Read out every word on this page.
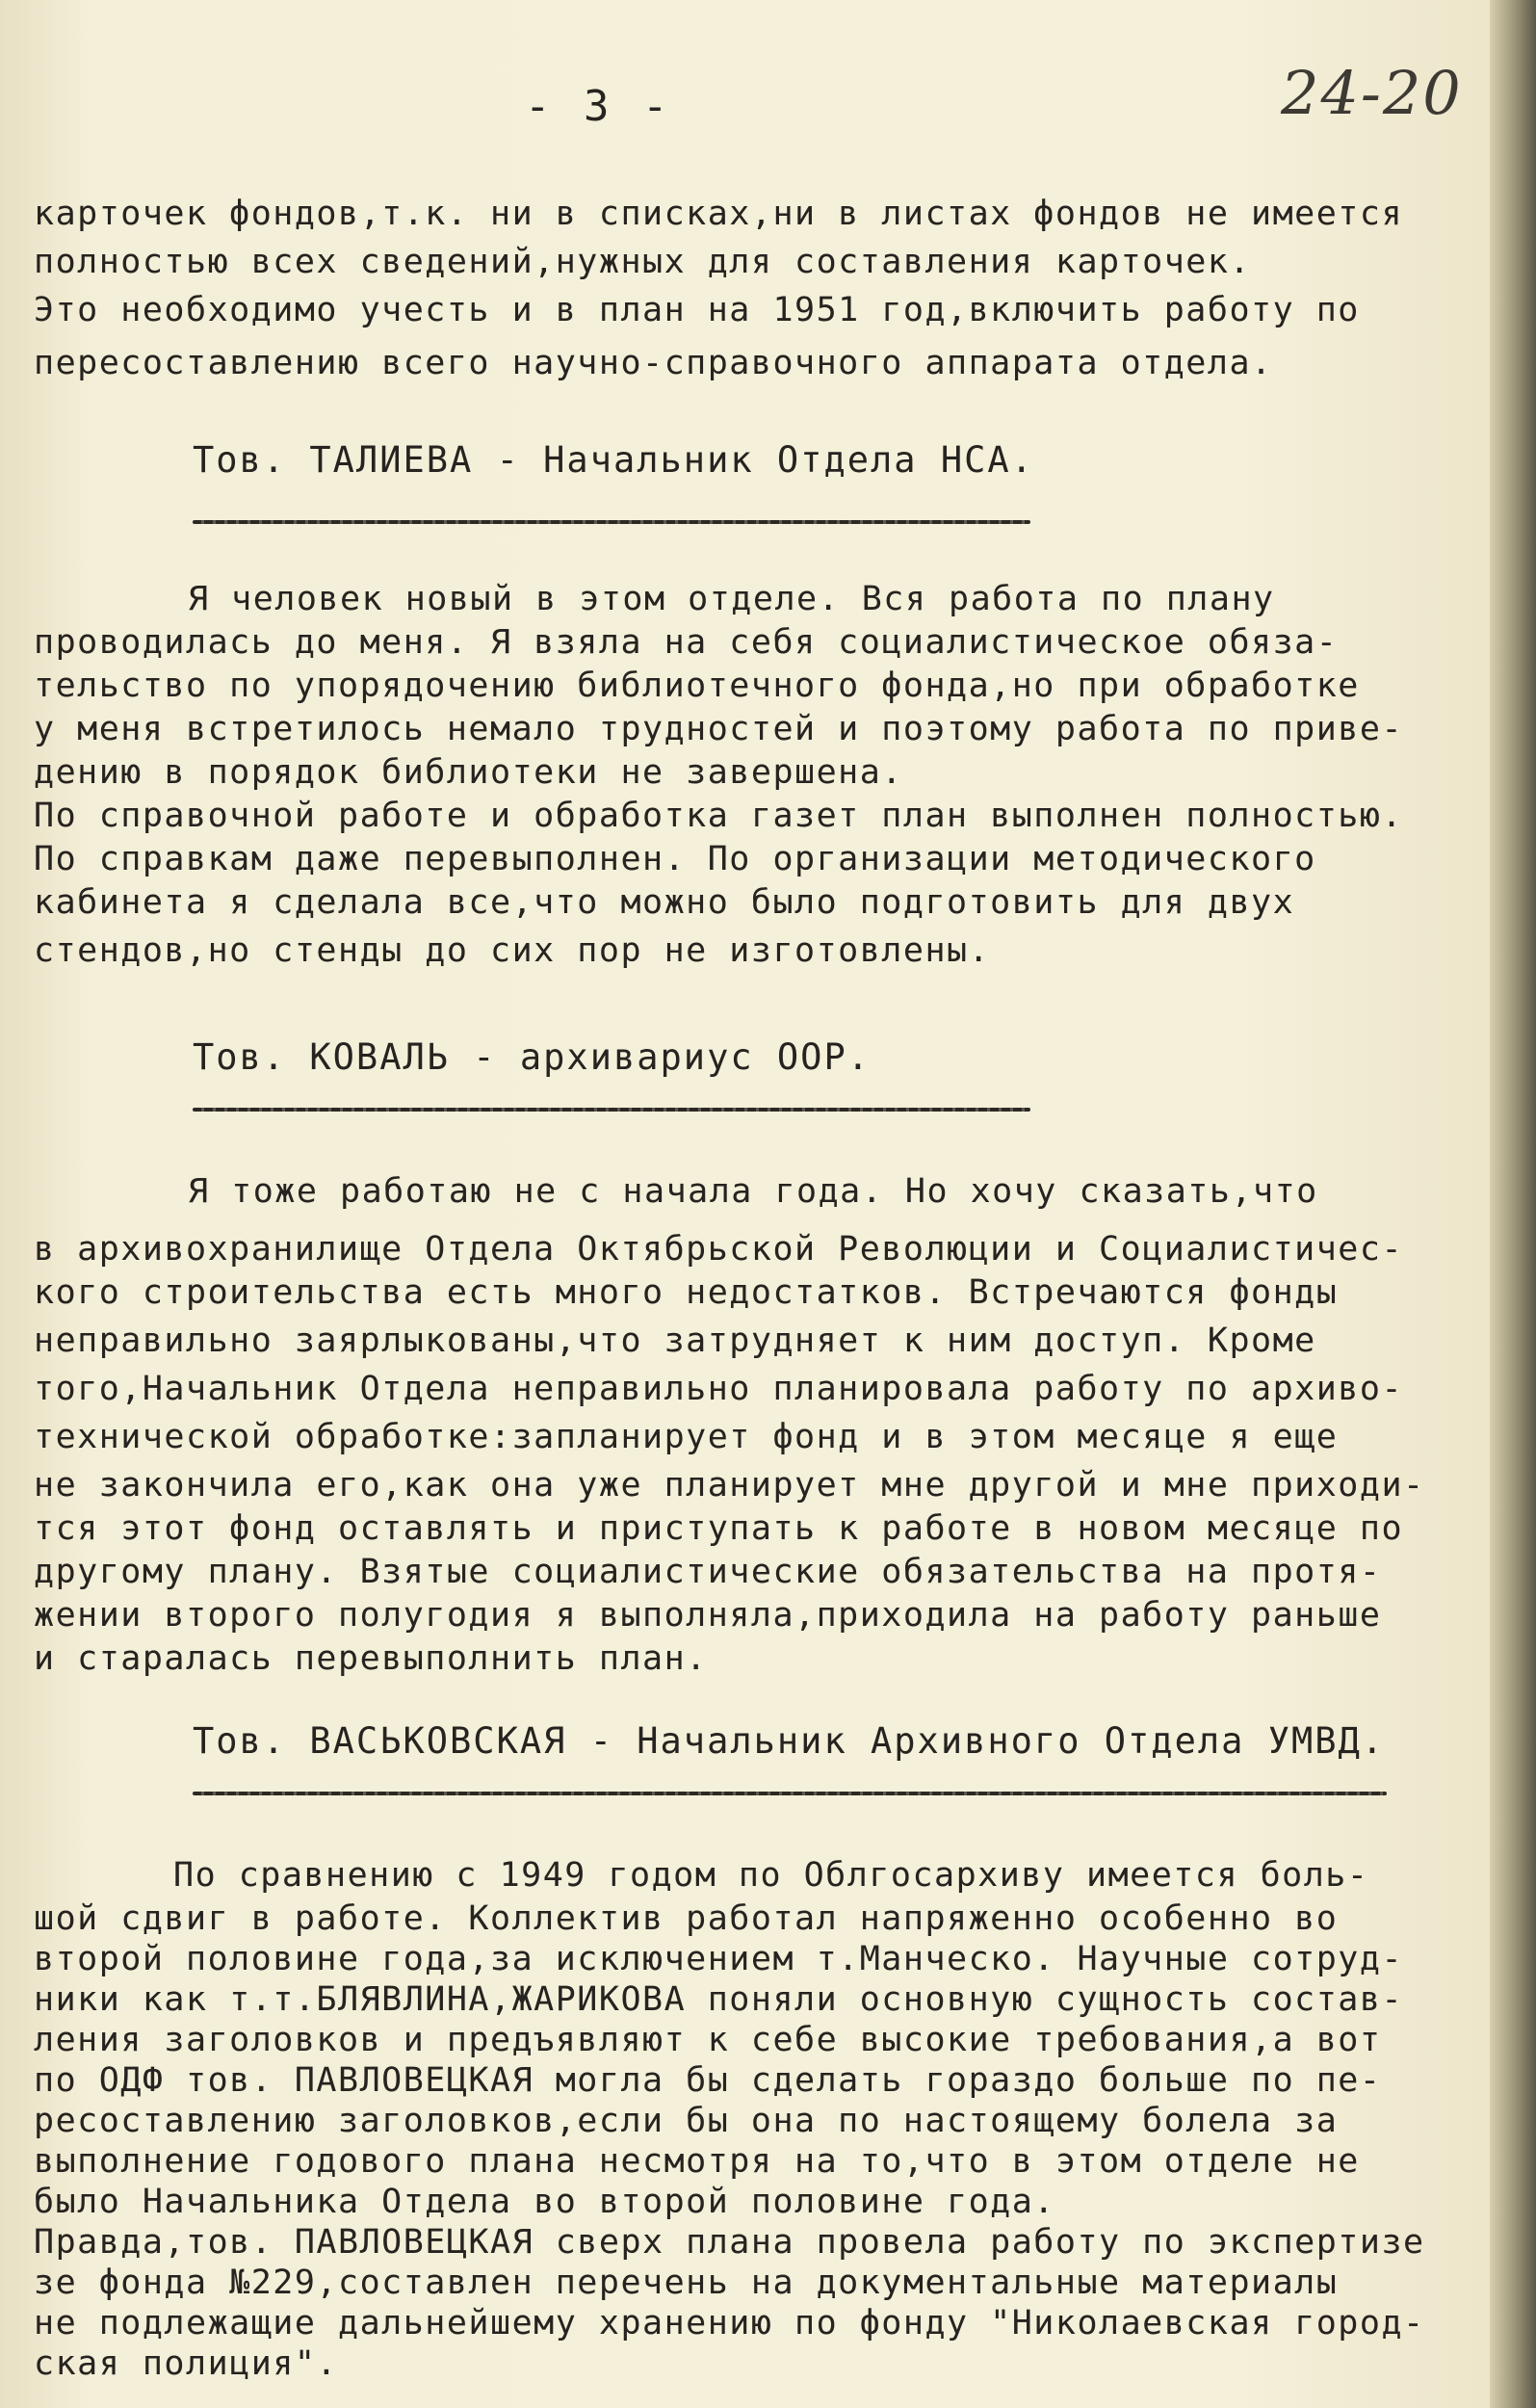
- 3 -	24-20
карточек фондов,т.к. ни в списках,ни в листах фондов не имеется
полностью всех сведений,нужных для составления карточек.
Это необходимо учесть и в план на 1951 год,включить работу по
пересоставлению всего научно-справочного аппарата отдела.
Тов. ТАЛИЕВА - Начальник Отдела НСА.
Я человек новый в этом отделе. Вся работа по плану
проводилась до меня. Я взяла на себя социалистическое обяза-
тельство по упорядочению библиотечного фонда,но при обработке
у меня встретилось немало трудностей и поэтому работа по приве-
дению в порядок библиотеки не завершена.
По справочной работе и обработка газет план выполнен полностью.
По справкам даже перевыполнен. По организации методического
кабинета я сделала все,что можно было подготовить для двух
стендов,но стенды до сих пор не изготовлены.
Тов. КОВАЛЬ - архивариус ООР.
Я тоже работаю не с начала года. Но хочу сказать,что
в архивохранилище Отдела Октябрьской Революции и Социалистичес-
кого строительства есть много недостатков. Встречаются фонды
неправильно заярлыкованы,что затрудняет к ним доступ. Кроме
того,Начальник Отдела неправильно планировала работу по архиво-
технической обработке:запланирует фонд и в этом месяце я еще
не закончила его,как она уже планирует мне другой и мне приходи-
тся этот фонд оставлять и приступать к работе в новом месяце по
другому плану. Взятые социалистические обязательства на протя-
жении второго полугодия я выполняла,приходила на работу раньше
и старалась перевыполнить план.
Тов. ВАСЬКОВСКАЯ - Начальник Архивного Отдела УМВД.
По сравнению с 1949 годом по Облгосархиву имеется боль-
шой сдвиг в работе. Коллектив работал напряженно особенно во
второй половине года,за исключением т.Манческо. Научные сотруд-
ники как т.т.БЛЯВЛИНА,ЖАРИКОВА поняли основную сущность состав-
ления заголовков и предъявляют к себе высокие требования,а вот
по ОДФ тов. ПАВЛОВЕЦКАЯ могла бы сделать гораздо больше по пе-
ресоставлению заголовков,если бы она по настоящему болела за
выполнение годового плана несмотря на то,что в этом отделе не
было Начальника Отдела во второй половине года.
Правда,тов. ПАВЛОВЕЦКАЯ сверх плана провела работу по экспертизе
зе фонда №229,составлен перечень на документальные материалы
не подлежащие дальнейшему хранению по фонду "Николаевская город-
ская полиция".
